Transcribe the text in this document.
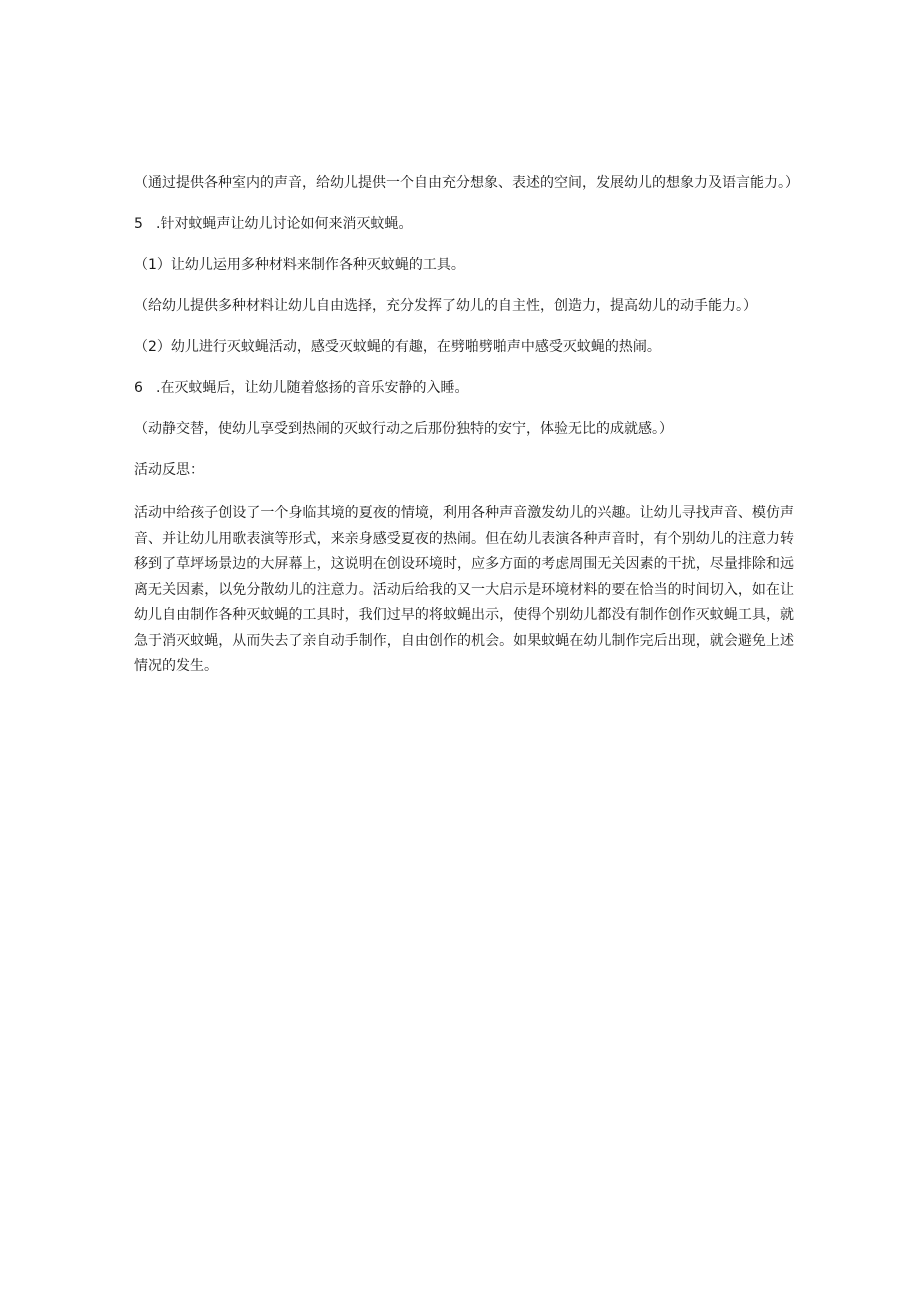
（通过提供各种室内的声音，给幼儿提供一个自由充分想象、表述的空间，发展幼儿的想象力及语言能力。）

5 .针对蚊蝇声让幼儿讨论如何来消灭蚊蝇。

（1）让幼儿运用多种材料来制作各种灭蚊蝇的工具。

（给幼儿提供多种材料让幼儿自由选择，充分发挥了幼儿的自主性，创造力，提高幼儿的动手能力。）

（2）幼儿进行灭蚊蝇活动，感受灭蚊蝇的有趣，在劈啪劈啪声中感受灭蚊蝇的热闹。

6 .在灭蚊蝇后，让幼儿随着悠扬的音乐安静的入睡。

（动静交替，使幼儿享受到热闹的灭蚊行动之后那份独特的安宁，体验无比的成就感。）

活动反思：

活动中给孩子创设了一个身临其境的夏夜的情境，利用各种声音激发幼儿的兴趣。让幼儿寻找声音、模仿声音、并让幼儿用歌表演等形式，来亲身感受夏夜的热闹。但在幼儿表演各种声音时，有个别幼儿的注意力转移到了草坪场景边的大屏幕上，这说明在创设环境时，应多方面的考虑周围无关因素的干扰，尽量排除和远离无关因素，以免分散幼儿的注意力。活动后给我的又一大启示是环境材料的要在恰当的时间切入，如在让幼儿自由制作各种灭蚊蝇的工具时，我们过早的将蚊蝇出示，使得个别幼儿都没有制作创作灭蚊蝇工具，就急于消灭蚊蝇，从而失去了亲自动手制作，自由创作的机会。如果蚊蝇在幼儿制作完后出现，就会避免上述情况的发生。
